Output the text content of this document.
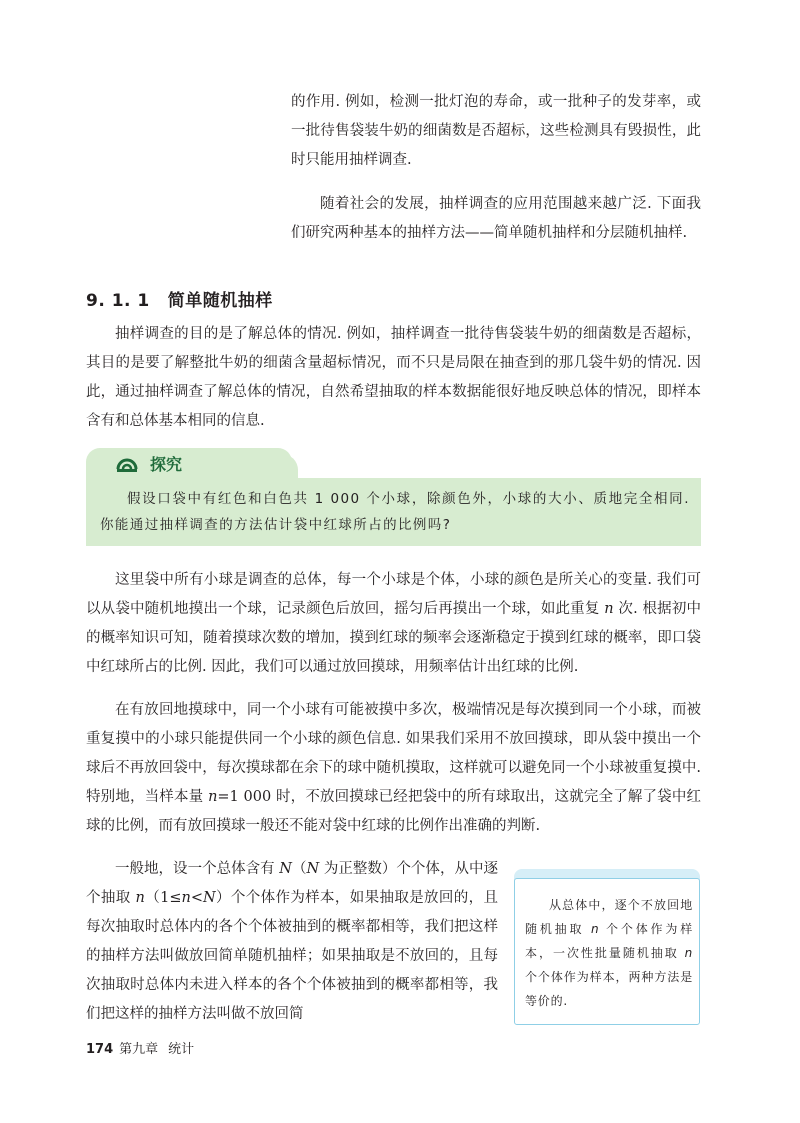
的作用. 例如，检测一批灯泡的寿命，或一批种子的发芽率，或一批待售袋装牛奶的细菌数是否超标，这些检测具有毁损性，此时只能用抽样调查.

随着社会的发展，抽样调查的应用范围越来越广泛. 下面我们研究两种基本的抽样方法——简单随机抽样和分层随机抽样.

9. 1. 1 简单随机抽样

抽样调查的目的是了解总体的情况. 例如，抽样调查一批待售袋装牛奶的细菌数是否超标，其目的是要了解整批牛奶的细菌含量超标情况，而不只是局限在抽查到的那几袋牛奶的情况. 因此，通过抽样调查了解总体的情况，自然希望抽取的样本数据能很好地反映总体的情况，即样本含有和总体基本相同的信息.

探究

假设口袋中有红色和白色共 1 000 个小球，除颜色外，小球的大小、质地完全相同. 你能通过抽样调查的方法估计袋中红球所占的比例吗?

这里袋中所有小球是调查的总体，每一个小球是个体，小球的颜色是所关心的变量. 我们可以从袋中随机地摸出一个球，记录颜色后放回，摇匀后再摸出一个球，如此重复 n 次. 根据初中的概率知识可知，随着摸球次数的增加，摸到红球的频率会逐渐稳定于摸到红球的概率，即口袋中红球所占的比例. 因此，我们可以通过放回摸球，用频率估计出红球的比例.

在有放回地摸球中，同一个小球有可能被摸中多次，极端情况是每次摸到同一个小球，而被重复摸中的小球只能提供同一个小球的颜色信息. 如果我们采用不放回摸球，即从袋中摸出一个球后不再放回袋中，每次摸球都在余下的球中随机摸取，这样就可以避免同一个小球被重复摸中. 特别地，当样本量 n=1 000 时，不放回摸球已经把袋中的所有球取出，这就完全了解了袋中红球的比例，而有放回摸球一般还不能对袋中红球的比例作出准确的判断.

一般地，设一个总体含有 N（N 为正整数）个个体，从中逐个抽取 n（1≤n<N）个个体作为样本，如果抽取是放回的，且每次抽取时总体内的各个个体被抽到的概率都相等，我们把这样的抽样方法叫做放回简单随机抽样；如果抽取是不放回的，且每次抽取时总体内未进入样本的各个个体被抽到的概率都相等，我们把这样的抽样方法叫做不放回简

从总体中，逐个不放回地随机抽取 n 个个体作为样本，一次性批量随机抽取 n 个个体作为样本，两种方法是等价的.

174 第九章 统计
